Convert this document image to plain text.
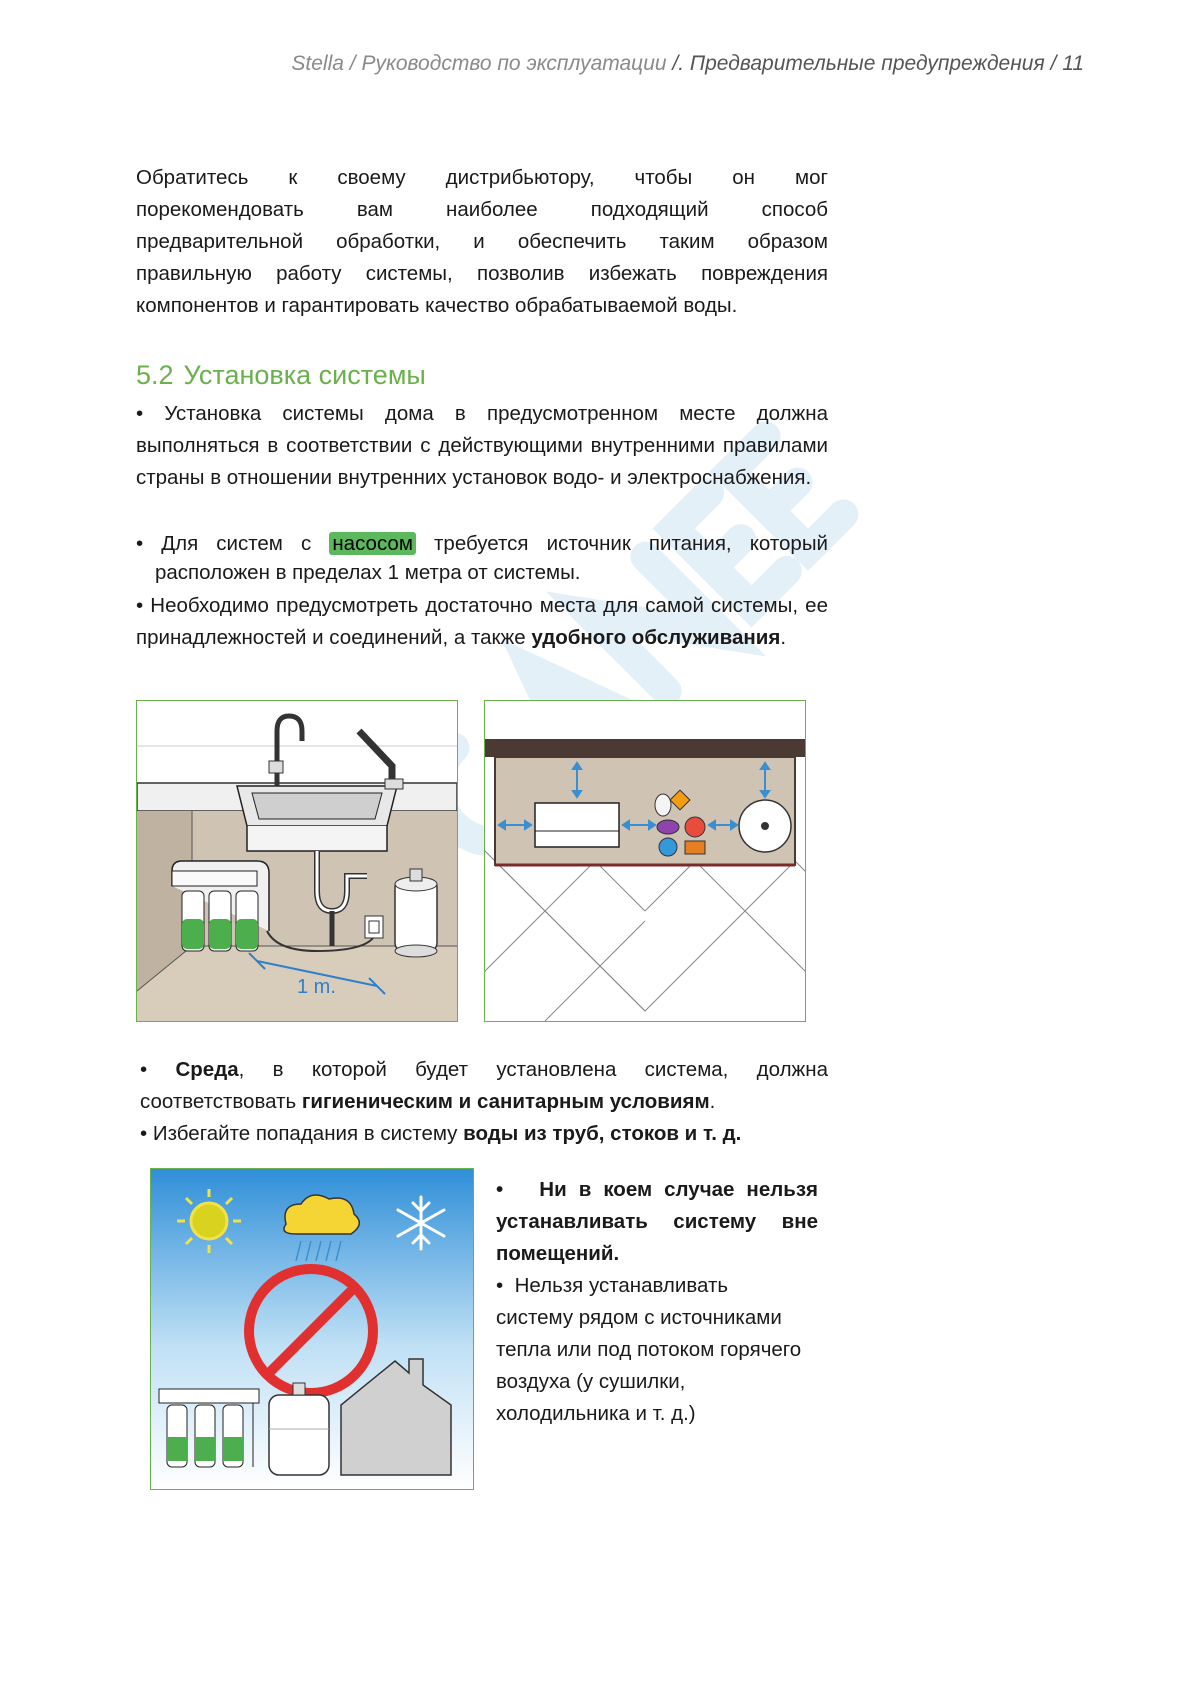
Stella / Руководство по эксплуатации /. Предварительные предупреждения / 11

Обратитесь к своему дистрибьютору, чтобы он мог

порекомендовать вам наиболее подходящий способ

предварительной обработки, и обеспечить таким образом

правильную работу системы, позволив избежать повреждения

компонентов и гарантировать качество обрабатываемой воды.

5.2 Установка системы

• Установка системы дома в предусмотренном месте должна выполняться в соответствии с действующими внутренними правилами страны в отношении внутренних установок водо- и электроснабжения.

• Для систем с насосом требуется источник питания, который

расположен в пределах 1 метра от системы.

• Необходимо предусмотреть достаточно места для самой системы, ее принадлежностей и соединений, а также удобного обслуживания.

1 m.

• Среда, в которой будет установлена система, должна соответствовать гигиеническим и санитарным условиям.

• Избегайте попадания в систему воды из труб, стоков и т. д.

• Ни в коем случае нельзя устанавливать систему вне помещений.

• Нельзя устанавливать

систему рядом с источниками

тепла или под потоком горячего

воздуха (у сушилки,

холодильника и т. д.)
